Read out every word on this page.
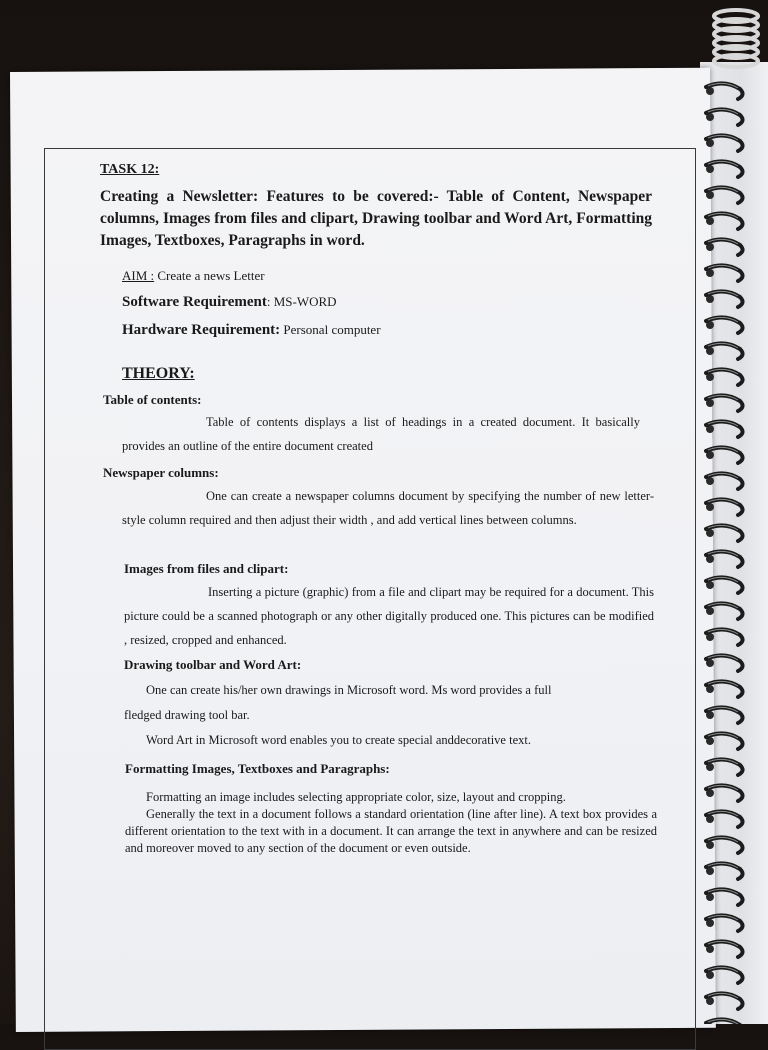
TASK 12:
Creating a Newsletter: Features to be covered:- Table of Content, Newspaper columns, Images from files and clipart, Drawing toolbar and Word Art, Formatting Images, Textboxes, Paragraphs in word.
AIM : Create a news Letter
Software Requirement: MS-WORD
Hardware Requirement: Personal computer
THEORY:
Table of contents:
Table of contents displays a list of headings in a created document. It basically provides an outline of the entire document created
Newspaper columns:
One can create a newspaper columns document by specifying the number of new letter-style column required and then adjust their width , and add vertical lines between columns.
Images from files and clipart:
Inserting a picture (graphic) from a file and clipart may be required for a document. This picture could be a scanned photograph or any other digitally produced one. This pictures can be modified , resized, cropped and enhanced.
Drawing toolbar and Word Art:
One can create his/her own drawings in Microsoft word. Ms word provides a full
fledged drawing tool bar.
Word Art in Microsoft word enables you to create special anddecorative text.
Formatting Images, Textboxes and Paragraphs:
Formatting an image includes selecting appropriate color, size, layout and cropping.
Generally the text in a document follows a standard orientation (line after line). A text box provides a different orientation to the text with in a document. It can arrange the text in anywhere and can be resized and moreover moved to any section of the document or even outside.
